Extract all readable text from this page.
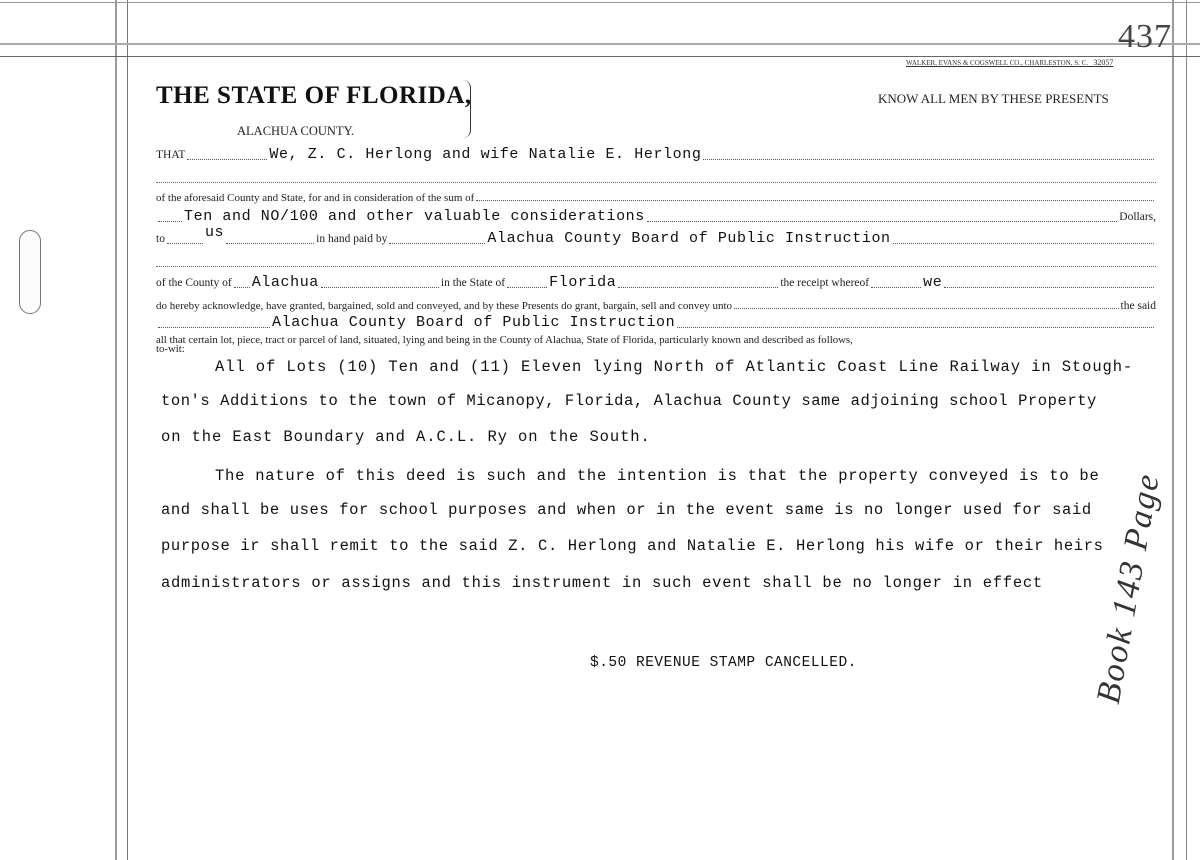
437
WALKER, EVANS & COGSWELL CO., CHARLESTON, S. C. 32057
THE STATE OF FLORIDA,
ALACHUA COUNTY.
KNOW ALL MEN BY THESE PRESENTS
THAT	We, Z. C. Herlong and wife Natalie E. Herlong
of the aforesaid County and State, for and in consideration of the sum of
Ten and NO/100 and other valuable considerations	Dollars,
to	us	in hand paid by	Alachua County Board of Public Instruction
of the County of Alachua	in the State of	Florida	the receipt whereof	we
do hereby acknowledge, have granted, bargained, sold and conveyed, and by these Presents do grant, bargain, sell and convey unto	the said
Alachua County Board of Public Instruction
all that certain lot, piece, tract or parcel of land, situated, lying and being in the County of Alachua, State of Florida, particularly known and described as follows,
to-wit:
All of Lots (10) Ten and (11) Eleven lying North of Atlantic Coast Line Railway in Stough-
ton's Additions to the town of Micanopy, Florida, Alachua County same adjoining school Property
on the East Boundary and A.C.L. Ry on the South.
The nature of this deed is such and the intention is that the property conveyed is to be
and shall be uses for school purposes and when or in the event same is no longer used for said
purpose ir shall remit to the said Z. C. Herlong and Natalie E. Herlong his wife or their heirs
administrators or assigns and this instrument in such event shall be no longer in effect
$.50 REVENUE STAMP CANCELLED.	Book 143 Page
